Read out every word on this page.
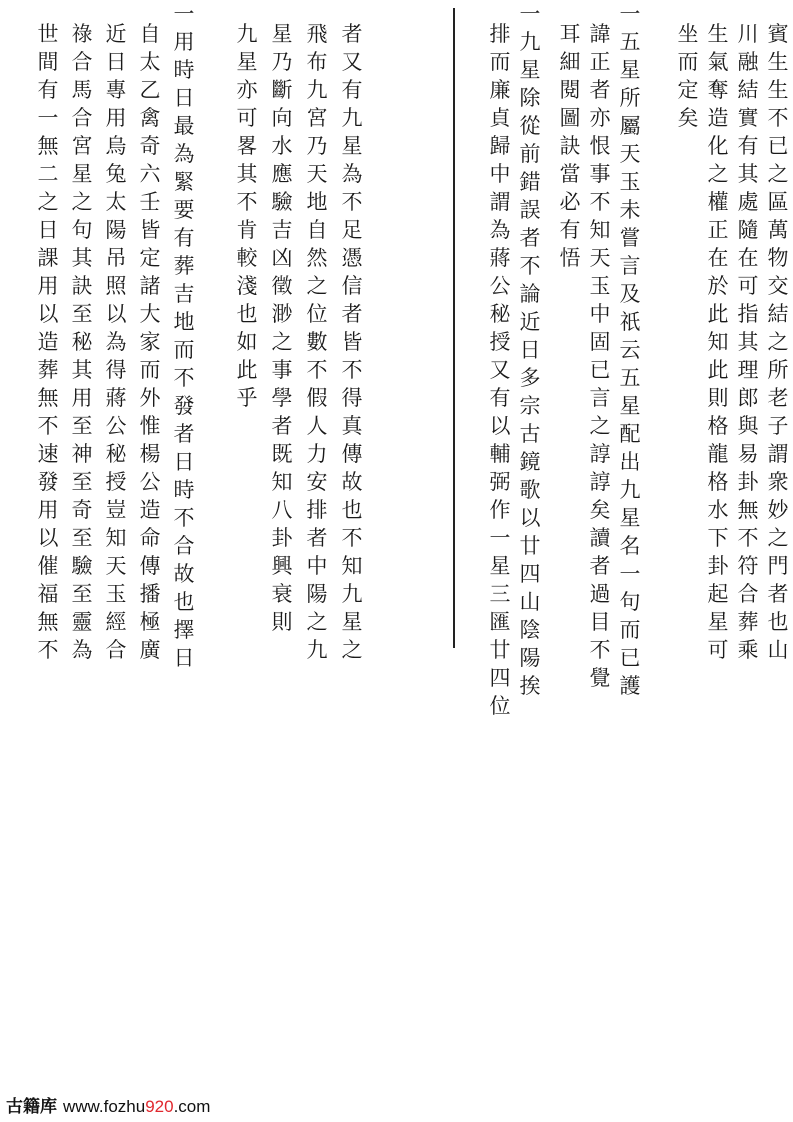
賓生生不已之區萬物交結之所老子謂衆妙之門者也山
川融結實有其處隨在可指其理郎與易卦無不符合葬乘
生氣奪造化之權正在於此知此則格龍格水下卦起星可
坐而定矣
一五星所屬天玉未嘗言及祇云五星配出九星名一句而已護
諱正者亦恨事不知天玉中固已言之諄諄矣讀者過目不覺
耳細閱圖訣當必有悟
一九星除從前錯誤者不論近日多宗古鏡歌以廿四山陰陽挨
排而廉貞歸中謂為蔣公秘授又有以輔弼作一星三匯廿四位
者又有九星為不足憑信者皆不得真傳故也不知九星之
飛布九宮乃天地自然之位數不假人力安排者中陽之九
星乃斷向水應驗吉凶徵渺之事學者既知八卦興衰則
九星亦可畧其不肯較淺也如此乎
一用時日最為緊要有葬吉地而不發者日時不合故也擇日
自太乙禽奇六壬皆定諸大家而外惟楊公造命傳播極廣
近日專用烏兔太陽吊照以為得蔣公秘授豈知天玉經合
祿合馬合宮星之句其訣至秘其用至神至奇至驗至靈為
世間有一無二之日課用以造葬無不速發用以催福無不
古籍库 www.fozhu920.com
